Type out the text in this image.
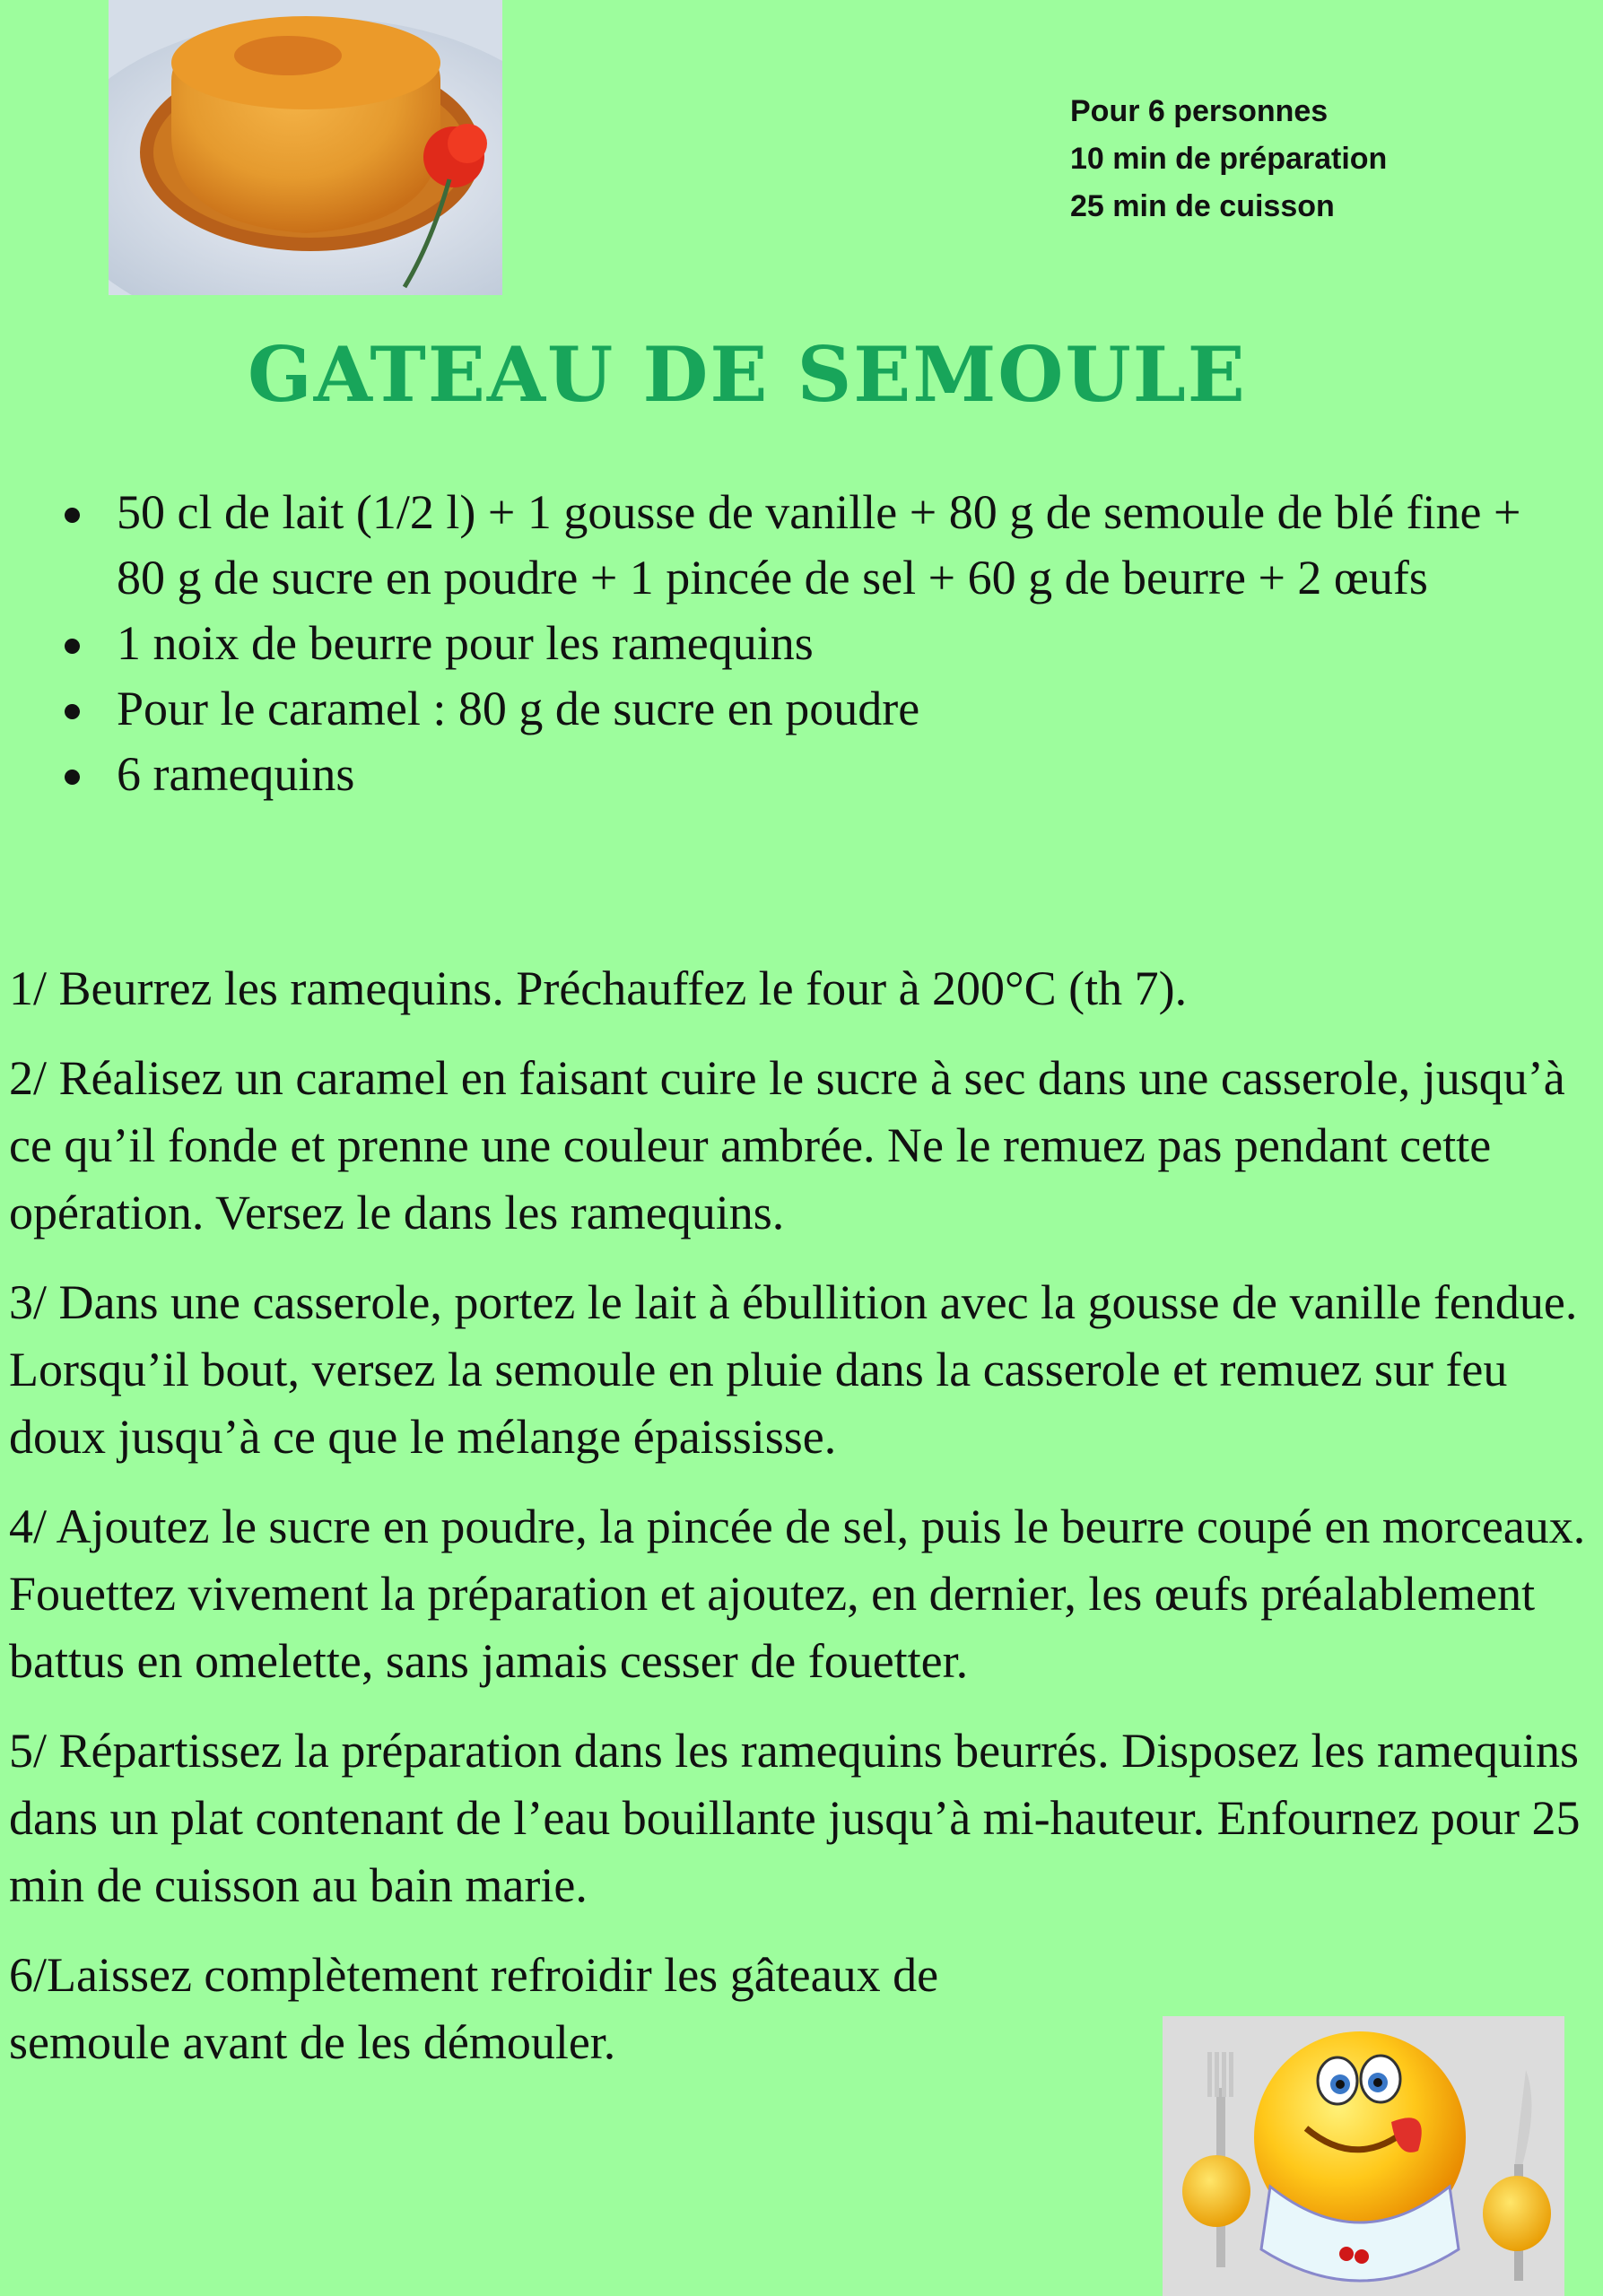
Pour 6 personnes
10 min de préparation
25 min de cuisson
GATEAU DE SEMOULE
50 cl de lait (1/2 l) + 1 gousse de vanille + 80 g de semoule de blé fine + 80 g de sucre en poudre + 1 pincée de sel + 60 g de beurre + 2 œufs
1 noix de beurre pour les ramequins
Pour le caramel : 80 g de sucre en poudre
6 ramequins

1/ Beurrez les ramequins. Préchauffez le four à 200°C (th 7).

2/ Réalisez un caramel en faisant cuire le sucre à sec dans une casserole, jusqu’à ce qu’il fonde et prenne une couleur ambrée. Ne le remuez pas pendant cette opération. Versez le dans les ramequins.

3/ Dans une casserole, portez le lait à ébullition avec la gousse de vanille fendue. Lorsqu’il bout, versez la semoule en pluie dans la casserole et remuez sur feu doux jusqu’à ce que le mélange épaississe.

4/ Ajoutez le sucre en poudre, la pincée de sel, puis le beurre coupé en morceaux. Fouettez vivement la préparation et ajoutez, en dernier, les œufs préalablement battus en omelette, sans jamais cesser de fouetter.

5/ Répartissez la préparation dans les ramequins beurrés. Disposez les ramequins dans un plat contenant de l’eau bouillante jusqu’à mi-hauteur. Enfournez pour 25 min de cuisson au bain marie.

6/Laissez complètement refroidir les gâteaux de semoule avant de les démouler.
